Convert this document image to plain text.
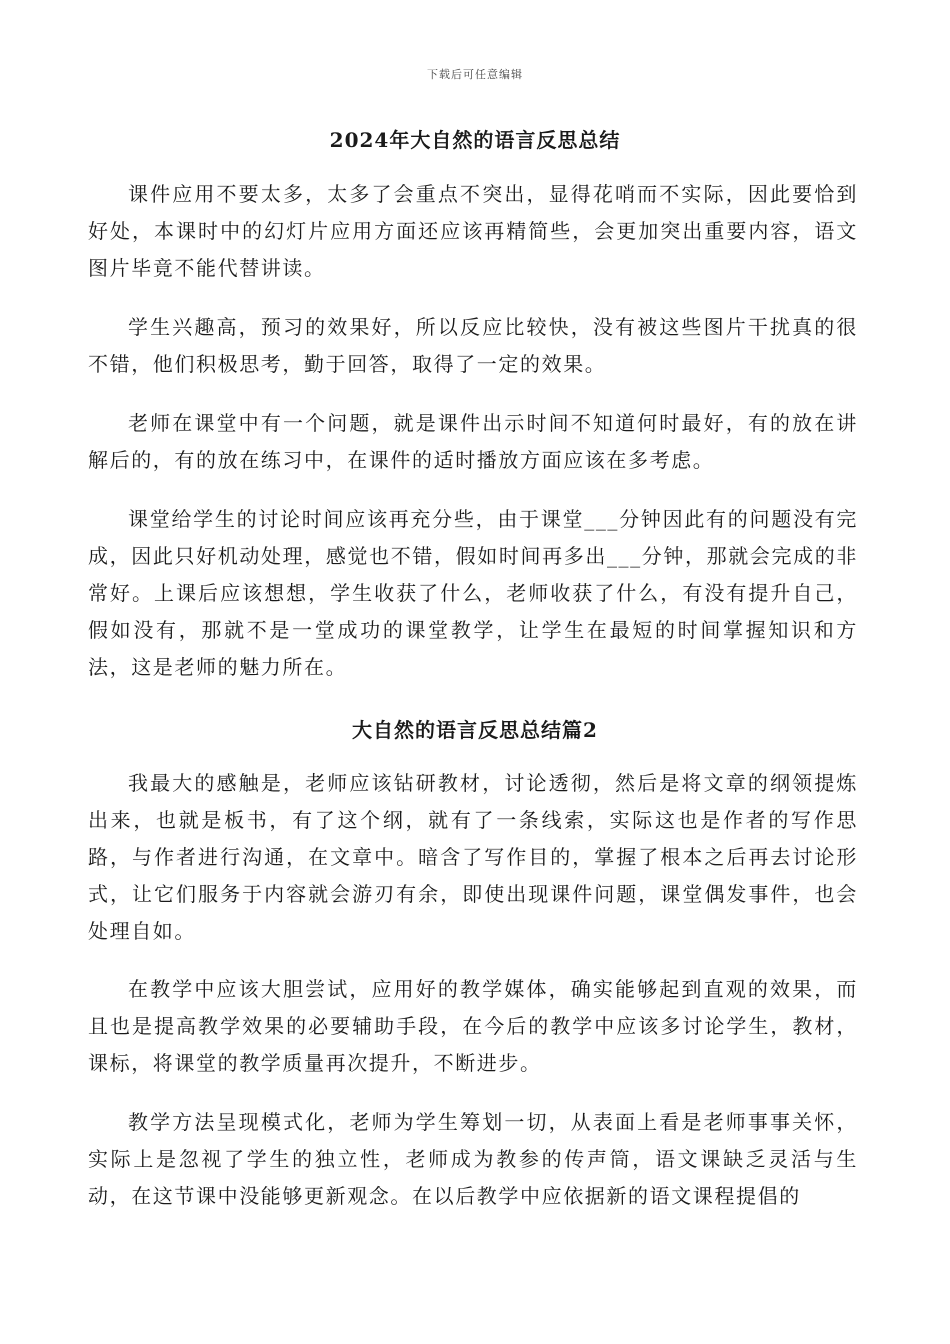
下载后可任意编辑
2024年大自然的语言反思总结

课件应用不要太多，太多了会重点不突出，显得花哨而不实际，因此要恰到好处，本课时中的幻灯片应用方面还应该再精简些，会更加突出重要内容，语文图片毕竟不能代替讲读。

学生兴趣高，预习的效果好，所以反应比较快，没有被这些图片干扰真的很不错，他们积极思考，勤于回答，取得了一定的效果。

老师在课堂中有一个问题，就是课件出示时间不知道何时最好，有的放在讲解后的，有的放在练习中，在课件的适时播放方面应该在多考虑。

课堂给学生的讨论时间应该再充分些，由于课堂___分钟因此有的问题没有完成，因此只好机动处理，感觉也不错，假如时间再多出___分钟，那就会完成的非常好。上课后应该想想，学生收获了什么，老师收获了什么，有没有提升自己，假如没有，那就不是一堂成功的课堂教学，让学生在最短的时间掌握知识和方法，这是老师的魅力所在。

大自然的语言反思总结篇2

我最大的感触是，老师应该钻研教材，讨论透彻，然后是将文章的纲领提炼出来，也就是板书，有了这个纲，就有了一条线索，实际这也是作者的写作思路，与作者进行沟通，在文章中。暗含了写作目的，掌握了根本之后再去讨论形式，让它们服务于内容就会游刃有余，即使出现课件问题，课堂偶发事件，也会处理自如。

在教学中应该大胆尝试，应用好的教学媒体，确实能够起到直观的效果，而且也是提高教学效果的必要辅助手段，在今后的教学中应该多讨论学生，教材，课标，将课堂的教学质量再次提升，不断进步。

教学方法呈现模式化，老师为学生筹划一切，从表面上看是老师事事关怀，实际上是忽视了学生的独立性，老师成为教参的传声筒，语文课缺乏灵活与生动，在这节课中没能够更新观念。在以后教学中应依据新的语文课程提倡的
